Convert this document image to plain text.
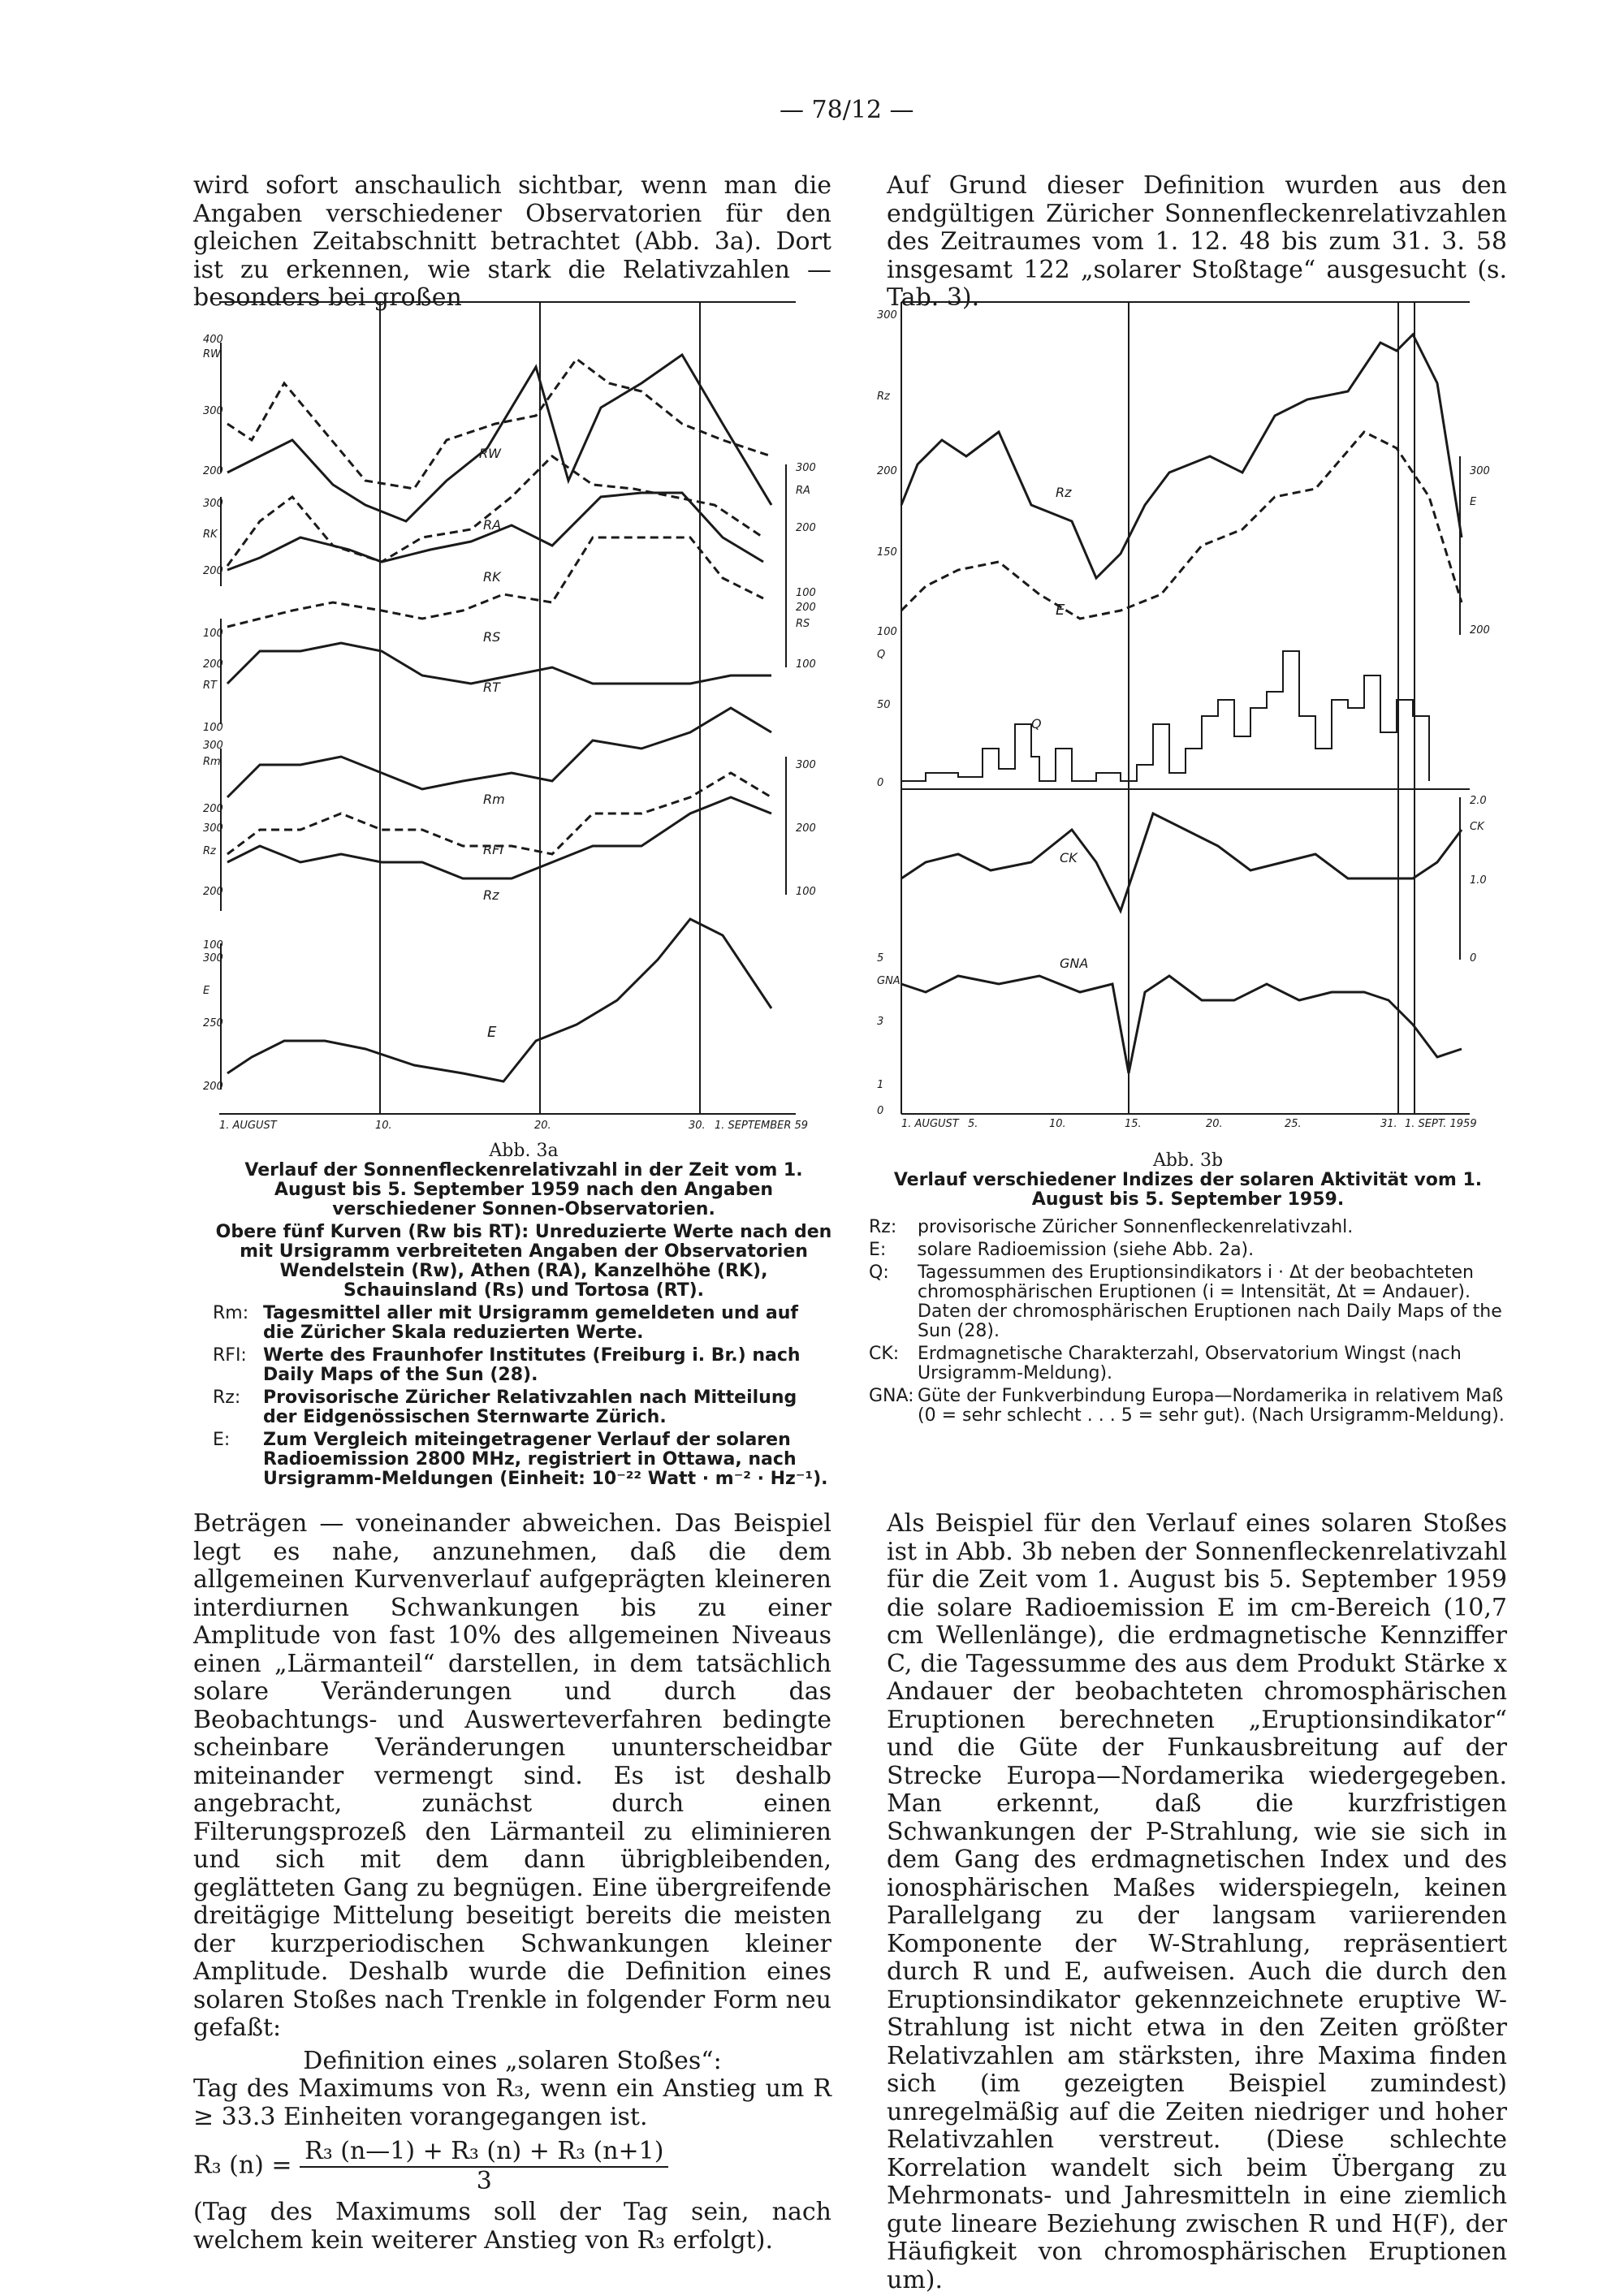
— 78/12 —

wird sofort anschaulich sichtbar, wenn man die Angaben verschiedener Observatorien für den gleichen Zeitabschnitt betrachtet (Abb. 3a). Dort ist zu erkennen, wie stark die Relativzahlen — besonders bei großen

Auf Grund dieser Definition wurden aus den endgültigen Züricher Sonnenfleckenrelativzahlen des Zeitraumes vom 1. 12. 48 bis zum 31. 3. 58 insgesamt 122 „solarer Stoßtage“ ausgesucht (s. Tab. 3).

400
RW
300
200
300
RK
200
100
200
RT
100
300
Rm
200
300
Rz
200
100
300
E
250
200
300
RA
200
100
200
RS
100
300
200
100
RW
RA
RK
RS
RT
Rm
RFI
Rz
E
1. AUGUST	10.	20.	30. 1. SEPTEMBER 59
300
Rz
200
150
100
Q
50
0
5
GNA
3
1
0
300
E
200
2.0
CK
1.0
0
Rz
E
Q
CK
GNA
1. AUGUST 5.	10.	15.	20.	25.	31. 1. SEPT. 1959
Abb. 3a
Verlauf der Sonnenfleckenrelativzahl in der Zeit vom 1. August bis 5. September 1959 nach den Angaben verschiedener Sonnen-Observatorien.
Obere fünf Kurven (Rw bis RT): Unreduzierte Werte nach den mit Ursigramm verbreiteten Angaben der Observatorien Wendelstein (Rw), Athen (RA), Kanzelhöhe (RK), Schauinsland (Rs) und Tortosa (RT).
Rm: Tagesmittel aller mit Ursigramm gemeldeten und auf die Züricher Skala reduzierten Werte.
RFI: Werte des Fraunhofer Institutes (Freiburg i. Br.) nach Daily Maps of the Sun (28).
Rz:	Provisorische Züricher Relativzahlen nach Mitteilung der Eidgenössischen Sternwarte Zürich.
E:	Zum Vergleich miteingetragener Verlauf der solaren Radioemission 2800 MHz, registriert in Ottawa, nach Ursigramm-Meldungen (Einheit: 10⁻²² Watt · m⁻² · Hz⁻¹).
Abb. 3b
Verlauf verschiedener Indizes der solaren Aktivität vom 1. August bis 5. September 1959.
Rz:	provisorische Züricher Sonnenfleckenrelativzahl.
E:	solare Radioemission (siehe Abb. 2a).
Q:	Tagessummen des Eruptionsindikators i · Δt der beobachteten chromosphärischen Eruptionen (i = Intensität, Δt = Andauer). Daten der chromosphärischen Eruptionen nach Daily Maps of the Sun (28).
CK:	Erdmagnetische Charakterzahl, Observatorium Wingst (nach Ursigramm-Meldung).
GNA: Güte der Funkverbindung Europa—Nordamerika in relativem Maß (0 = sehr schlecht . . . 5 = sehr gut). (Nach Ursigramm-Meldung).

Beträgen — voneinander abweichen. Das Beispiel legt es nahe, anzunehmen, daß die dem allgemeinen Kurvenverlauf aufgeprägten kleineren interdiurnen Schwankungen bis zu einer Amplitude von fast 10% des allgemeinen Niveaus einen „Lärmanteil“ darstellen, in dem tatsächlich solare Veränderungen und durch das Beobachtungs- und Auswerteverfahren bedingte scheinbare Veränderungen ununterscheidbar miteinander vermengt sind. Es ist deshalb angebracht, zunächst durch einen Filterungsprozeß den Lärmanteil zu eliminieren und sich mit dem dann übrigbleibenden, geglätteten Gang zu begnügen. Eine übergreifende dreitägige Mittelung beseitigt bereits die meisten der kurzperiodischen Schwankungen kleiner Amplitude. Deshalb wurde die Definition eines solaren Stoßes nach Trenkle in folgender Form neu gefaßt:

Definition eines „solaren Stoßes“:

Tag des Maximums von R₃, wenn ein Anstieg um R ≥ 33.3 Einheiten vorangegangen ist.

R₃ $(n) = \frac{\text{R₃ (n—1) + R₃ (n) + R₃ (n+1)}}{3}$

(Tag des Maximums soll der Tag sein, nach welchem kein weiterer Anstieg von R₃ erfolgt).

Als Beispiel für den Verlauf eines solaren Stoßes ist in Abb. 3b neben der Sonnenfleckenrelativzahl für die Zeit vom 1. August bis 5. September 1959 die solare Radioemission E im cm-Bereich (10,7 cm Wellenlänge), die erdmagnetische Kennziffer C, die Tagessumme des aus dem Produkt Stärke x Andauer der beobachteten chromosphärischen Eruptionen berechneten „Eruptionsindikator“ und die Güte der Funkausbreitung auf der Strecke Europa—Nordamerika wiedergegeben. Man erkennt, daß die kurzfristigen Schwankungen der P-Strahlung, wie sie sich in dem Gang des erdmagnetischen Index und des ionosphärischen Maßes widerspiegeln, keinen Parallelgang zu der langsam variierenden Komponente der W-Strahlung, repräsentiert durch R und E, aufweisen. Auch die durch den Eruptionsindikator gekennzeichnete eruptive W-Strahlung ist nicht etwa in den Zeiten größter Relativzahlen am stärksten, ihre Maxima finden sich (im gezeigten Beispiel zumindest) unregelmäßig auf die Zeiten niedriger und hoher Relativzahlen verstreut. (Diese schlechte Korrelation wandelt sich beim Übergang zu Mehrmonats- und Jahresmitteln in eine ziemlich gute lineare Beziehung zwischen R und H(F), der Häufigkeit von chromosphärischen Eruptionen um).
